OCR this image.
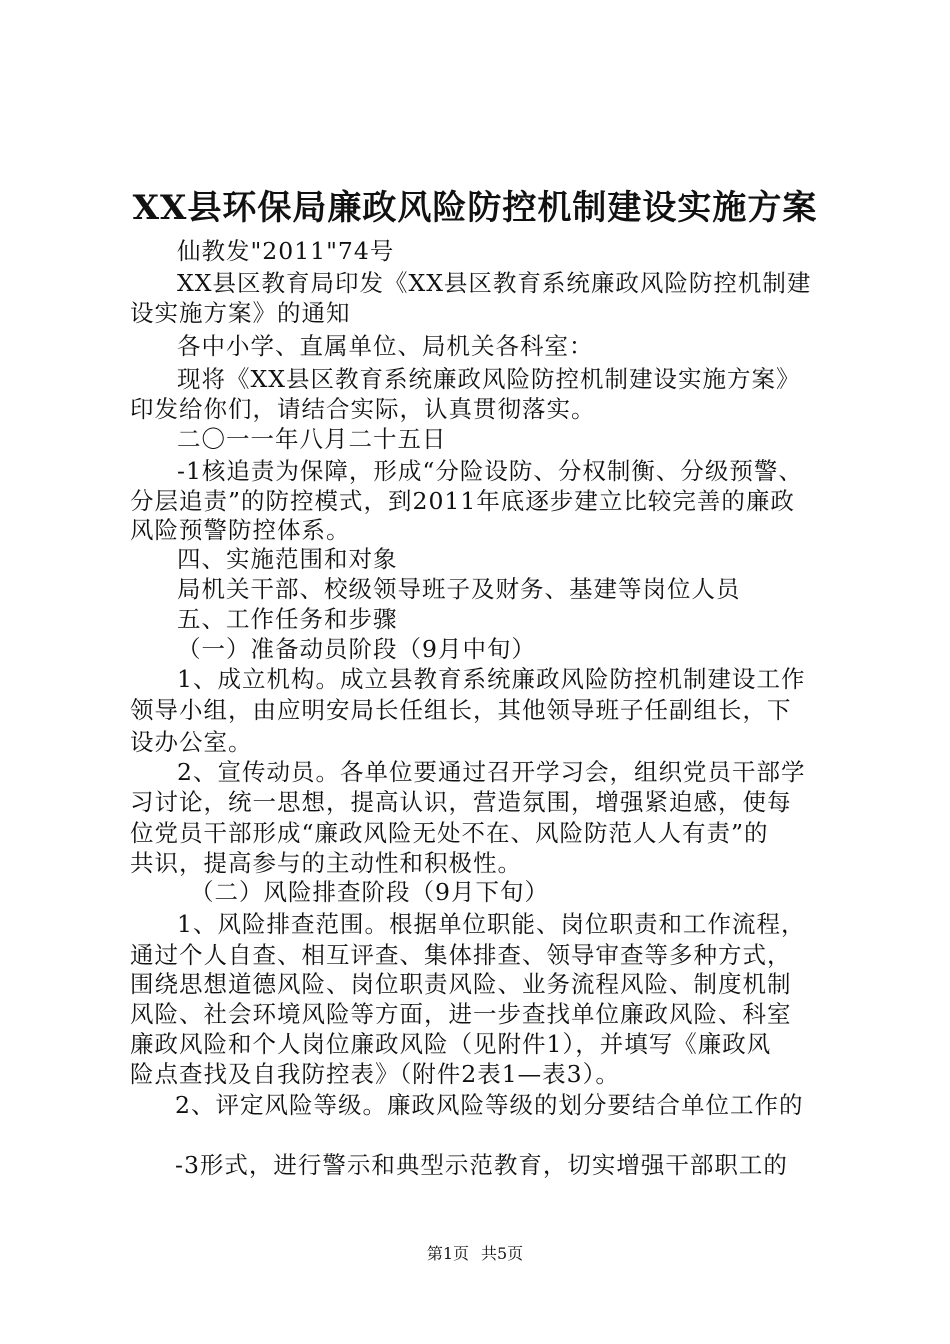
XX县环保局廉政风险防控机制建设实施方案
仙教发"2011"74号
XX县区教育局印发《XX县区教育系统廉政风险防控机制建
设实施方案》的通知
各中小学、直属单位、局机关各科室：
现将《XX县区教育系统廉政风险防控机制建设实施方案》
印发给你们，请结合实际，认真贯彻落实。
二〇一一年八月二十五日
-1核追责为保障，形成“分险设防、分权制衡、分级预警、
分层追责”的防控模式，到2011年底逐步建立比较完善的廉政
风险预警防控体系。
四、实施范围和对象
局机关干部、校级领导班子及财务、基建等岗位人员
五、工作任务和步骤
（一）准备动员阶段（9月中旬）
1、成立机构。成立县教育系统廉政风险防控机制建设工作
领导小组，由应明安局长任组长，其他领导班子任副组长，下
设办公室。
2、宣传动员。各单位要通过召开学习会，组织党员干部学
习讨论，统一思想，提高认识，营造氛围，增强紧迫感，使每
位党员干部形成“廉政风险无处不在、风险防范人人有责”的
共识，提高参与的主动性和积极性。
（二）风险排查阶段（9月下旬）
1、风险排查范围。根据单位职能、岗位职责和工作流程，
通过个人自查、相互评查、集体排查、领导审查等多种方式，
围绕思想道德风险、岗位职责风险、业务流程风险、制度机制
风险、社会环境风险等方面，进一步查找单位廉政风险、科室
廉政风险和个人岗位廉政风险（见附件1），并填写《廉政风
险点查找及自我防控表》（附件2表1—表3）。
2、评定风险等级。廉政风险等级的划分要结合单位工作的
-3形式，进行警示和典型示范教育，切实增强干部职工的
第1页 共5页
